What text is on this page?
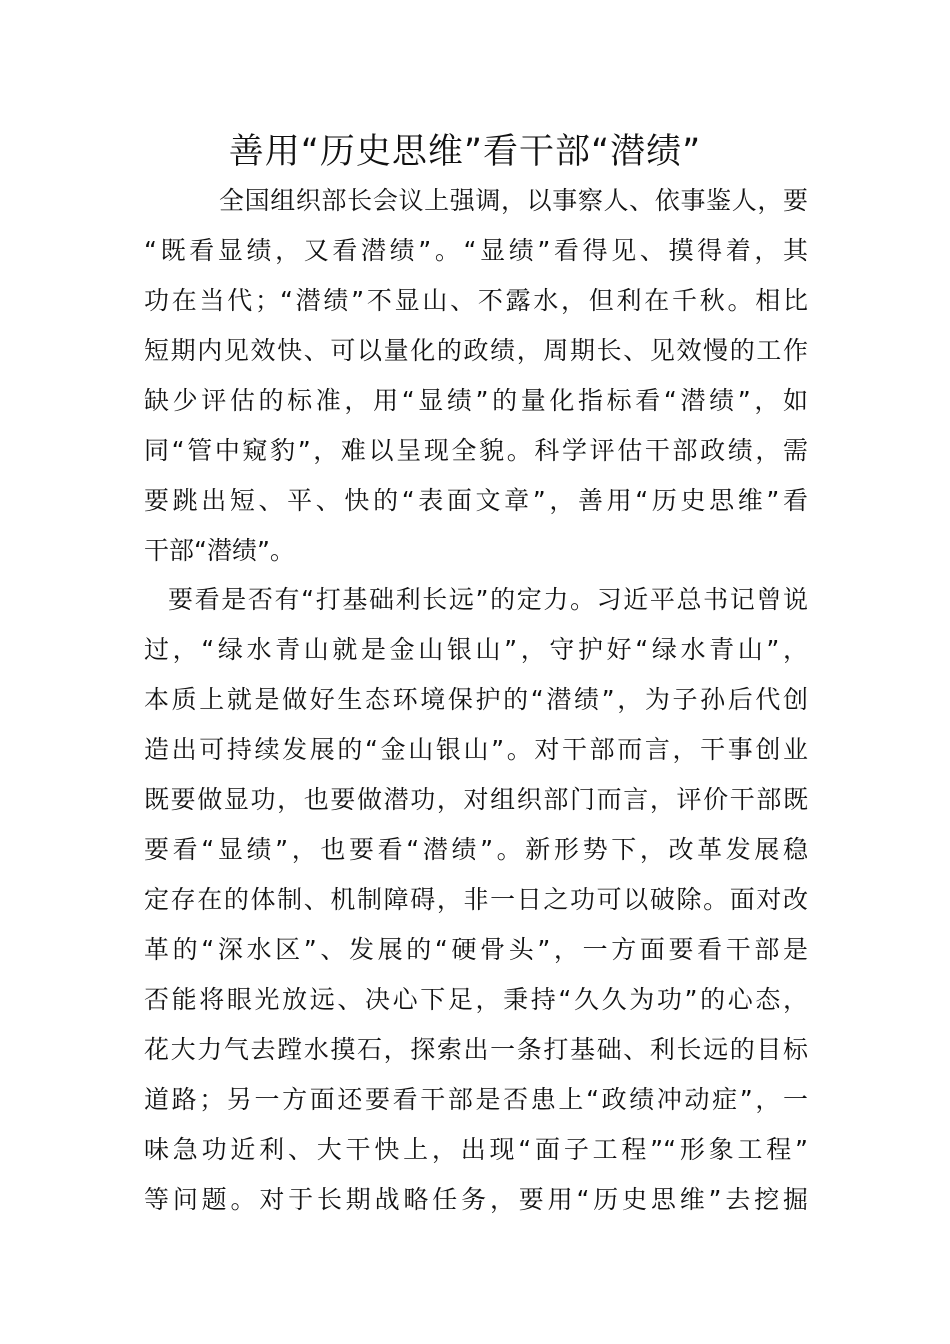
善用“历史思维”看干部“潜绩”
全国组织部长会议上强调，以事察人、依事鉴人，要
“既看显绩，又看潜绩”。“显绩”看得见、摸得着，其
功在当代；“潜绩”不显山、不露水，但利在千秋。相比
短期内见效快、可以量化的政绩，周期长、见效慢的工作
缺少评估的标准，用“显绩”的量化指标看“潜绩”，如
同“管中窥豹”，难以呈现全貌。科学评估干部政绩，需
要跳出短、平、快的“表面文章”，善用“历史思维”看
干部“潜绩”。
要看是否有“打基础利长远”的定力。习近平总书记曾说
过，“绿水青山就是金山银山”，守护好“绿水青山”，
本质上就是做好生态环境保护的“潜绩”，为子孙后代创
造出可持续发展的“金山银山”。对干部而言，干事创业
既要做显功，也要做潜功，对组织部门而言，评价干部既
要看“显绩”，也要看“潜绩”。新形势下，改革发展稳
定存在的体制、机制障碍，非一日之功可以破除。面对改
革的“深水区”、发展的“硬骨头”，一方面要看干部是
否能将眼光放远、决心下足，秉持“久久为功”的心态，
花大力气去蹚水摸石，探索出一条打基础、利长远的目标
道路；另一方面还要看干部是否患上“政绩冲动症”，一
味急功近利、大干快上，出现“面子工程”“形象工程”
等问题。对于长期战略任务，要用“历史思维”去挖掘
